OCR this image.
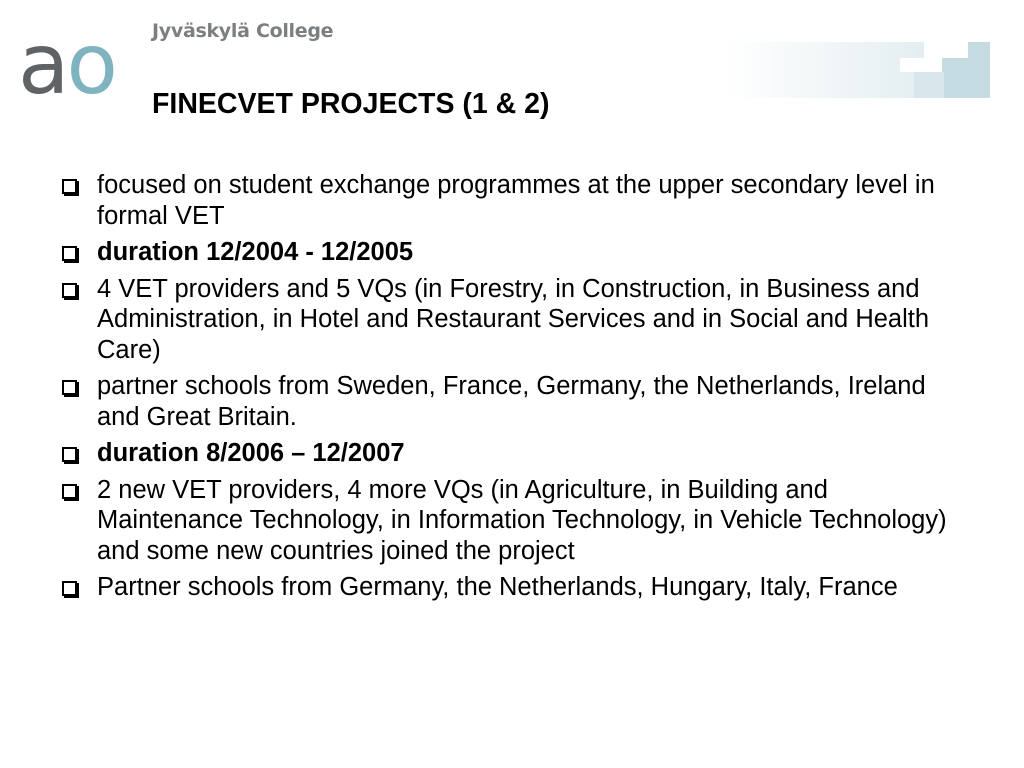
ao Jyväskylä College
FINECVET PROJECTS (1 & 2)
focused on student exchange programmes at the upper secondary level in formal VET
duration 12/2004 - 12/2005
4 VET providers and 5 VQs (in Forestry, in Construction, in Business and Administration, in Hotel and Restaurant Services and in Social and Health Care)
partner schools from Sweden, France, Germany, the Netherlands, Ireland and Great Britain.
duration 8/2006 – 12/2007
2 new VET providers, 4 more VQs (in Agriculture, in Building and Maintenance Technology, in Information Technology, in Vehicle Technology) and some new countries joined the project
Partner schools from Germany, the Netherlands, Hungary, Italy, France
